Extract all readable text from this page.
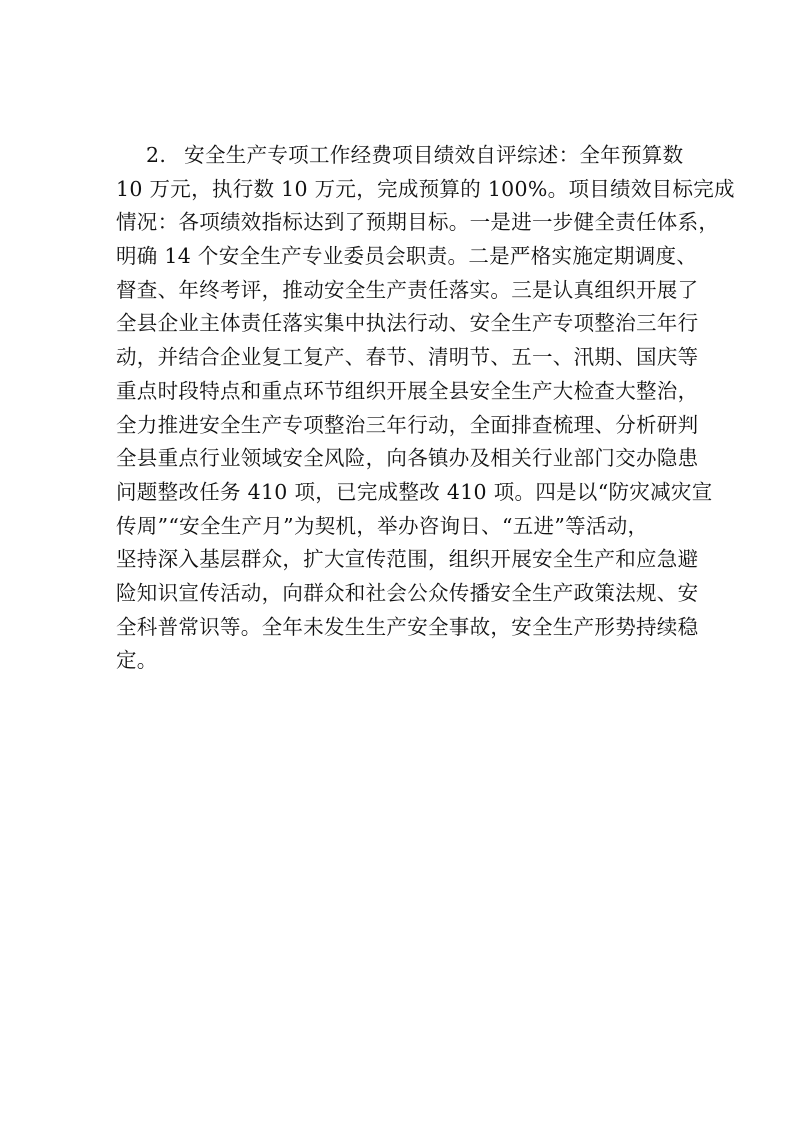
2. 安全生产专项工作经费项目绩效自评综述：全年预算数
10 万元，执行数 10 万元，完成预算的 100%。项目绩效目标完成
情况：各项绩效指标达到了预期目标。一是进一步健全责任体系，
明确 14 个安全生产专业委员会职责。二是严格实施定期调度、
督查、年终考评，推动安全生产责任落实。三是认真组织开展了
全县企业主体责任落实集中执法行动、安全生产专项整治三年行
动，并结合企业复工复产、春节、清明节、五一、汛期、国庆等
重点时段特点和重点环节组织开展全县安全生产大检查大整治，
全力推进安全生产专项整治三年行动，全面排查梳理、分析研判
全县重点行业领域安全风险，向各镇办及相关行业部门交办隐患
问题整改任务 410 项，已完成整改 410 项。四是以“防灾减灾宣
传周”“安全生产月”为契机，举办咨询日、“五进”等活动，
坚持深入基层群众，扩大宣传范围，组织开展安全生产和应急避
险知识宣传活动，向群众和社会公众传播安全生产政策法规、安
全科普常识等。全年未发生生产安全事故，安全生产形势持续稳
定。
